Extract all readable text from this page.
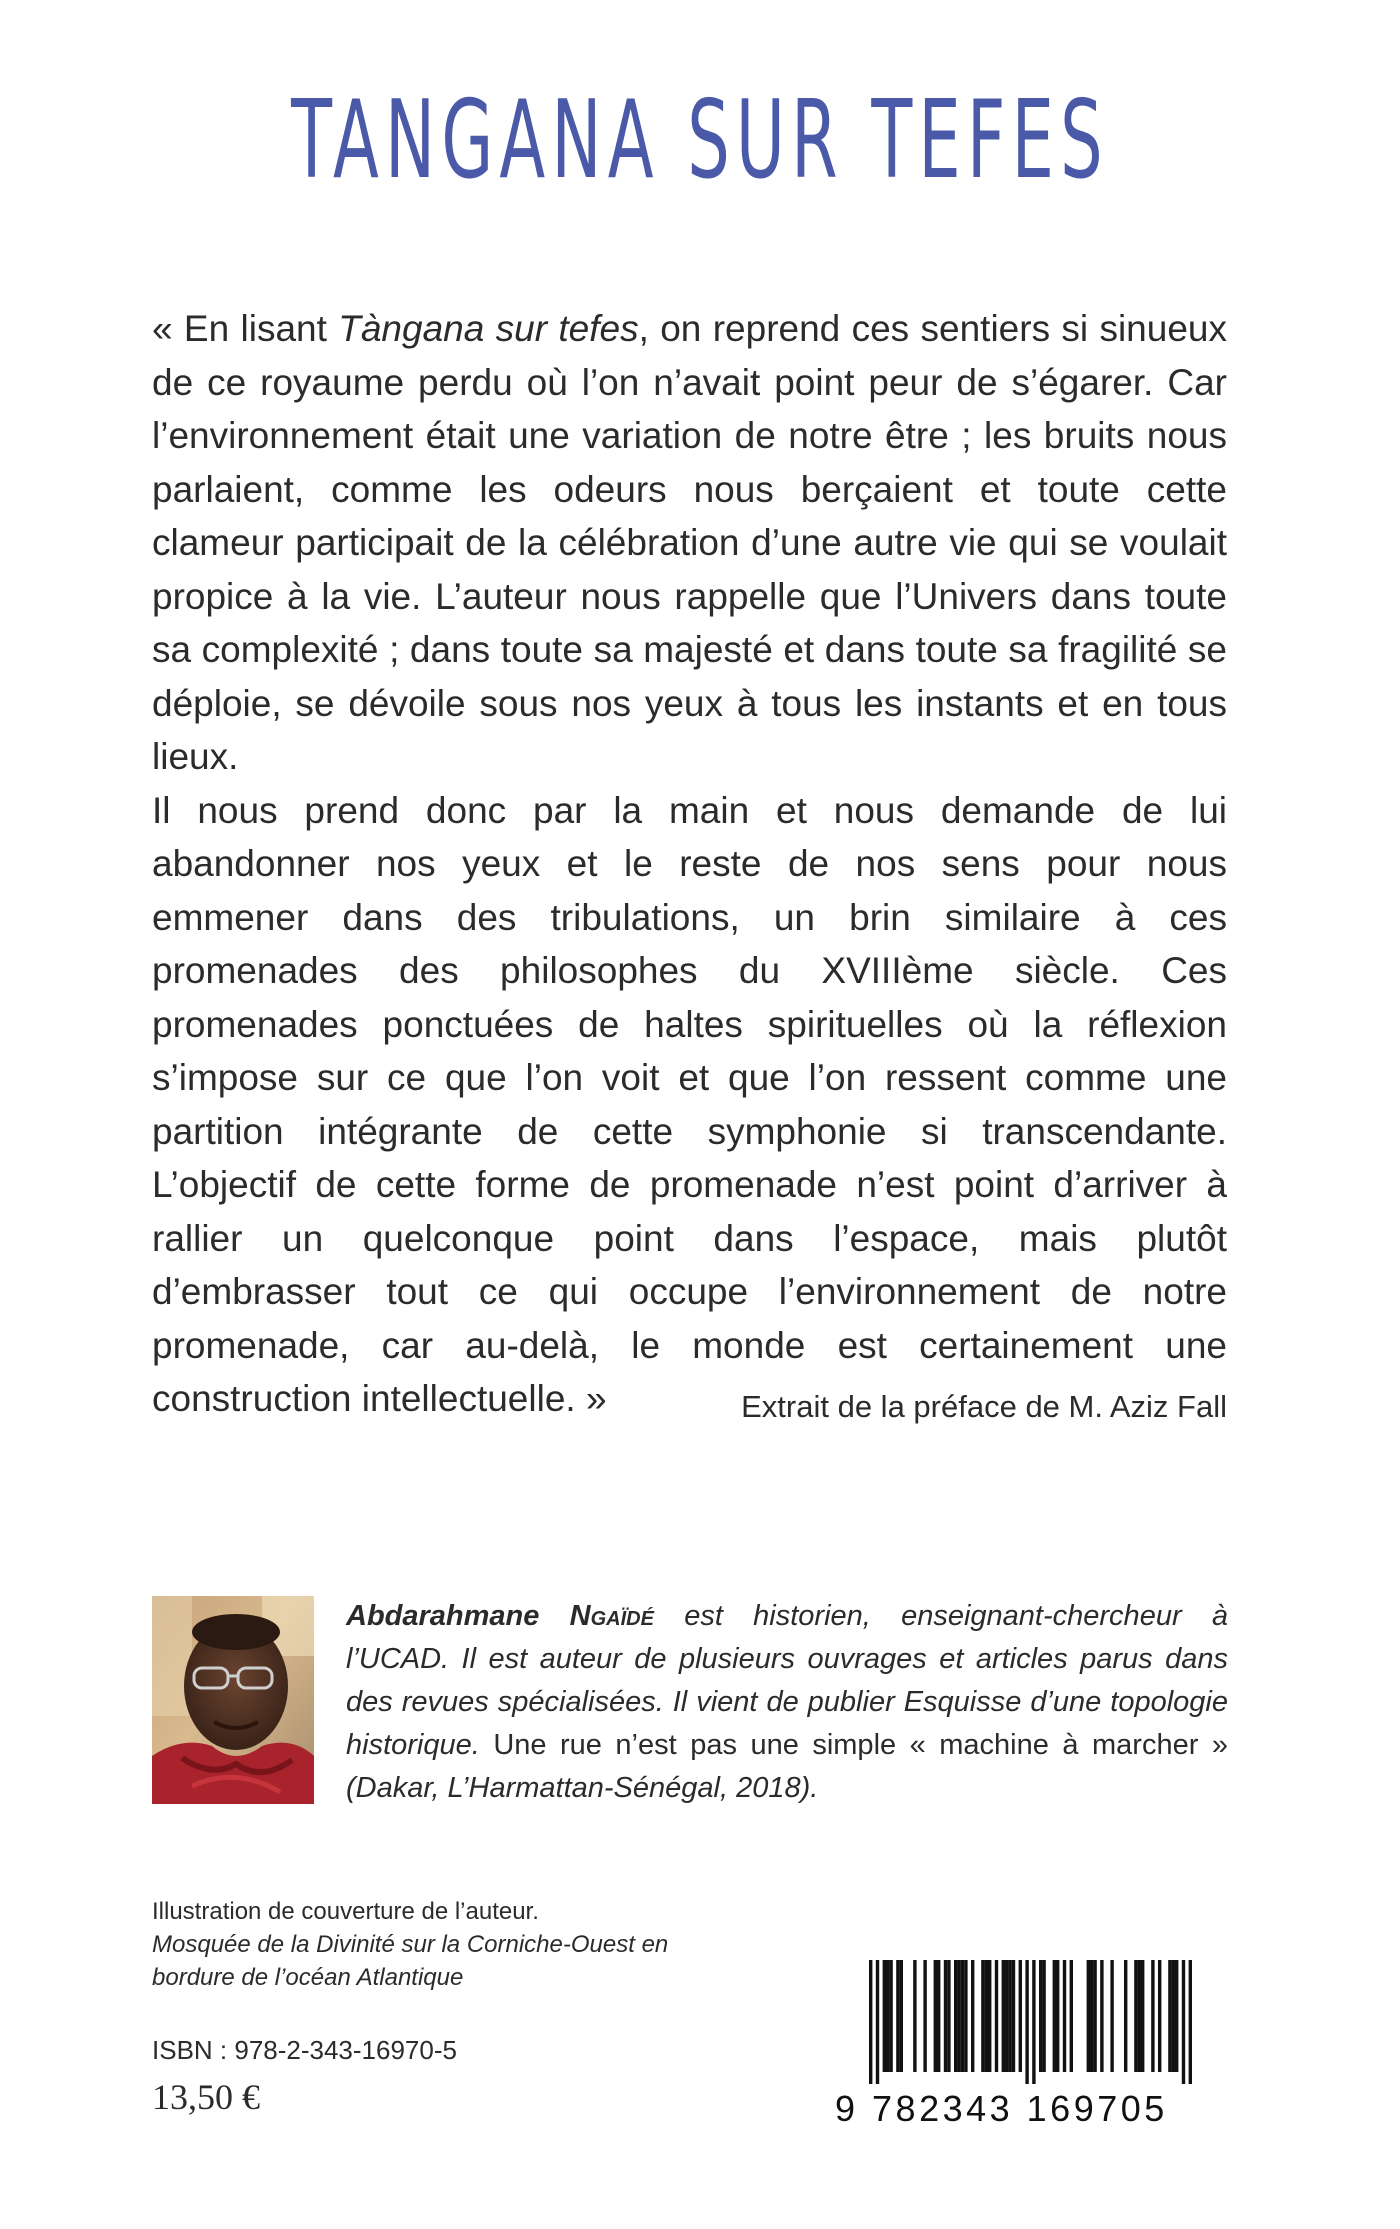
TANGANA SUR TEFES

« En lisant Tàngana sur tefes, on reprend ces sentiers si sinueux de ce royaume perdu où l’on n’avait point peur de s’égarer. Car l’environnement était une variation de notre être ; les bruits nous parlaient, comme les odeurs nous berçaient et toute cette clameur participait de la célébration d’une autre vie qui se voulait propice à la vie. L’auteur nous rappelle que l’Univers dans toute sa complexité ; dans toute sa majesté et dans toute sa fragilité se déploie, se dévoile sous nos yeux à tous les instants et en tous lieux.

Il nous prend donc par la main et nous demande de lui abandonner nos yeux et le reste de nos sens pour nous emmener dans des tribulations, un brin similaire à ces promenades des philosophes du XVIIIème siècle. Ces promenades ponctuées de haltes spirituelles où la réflexion s’impose sur ce que l’on voit et que l’on ressent comme une partition intégrante de cette symphonie si transcendante. L’objectif de cette forme de promenade n’est point d’arriver à rallier un quelconque point dans l’espace, mais plutôt d’embrasser tout ce qui occupe l’environnement de notre promenade, car au-delà, le monde est certainement une construction intellectuelle. »	Extrait de la préface de M. Aziz Fall
Abdarahmane Ngaïdé est historien, enseignant-chercheur à l’UCAD. Il est auteur de plusieurs ouvrages et articles parus dans des revues spécialisées. Il vient de publier Esquisse d’une topologie historique. Une rue n’est pas une simple « machine à marcher » (Dakar, L’Harmattan-Sénégal, 2018).
Illustration de couverture de l’auteur.
Mosquée de la Divinité sur la Corniche-Ouest en bordure de l’océan Atlantique
ISBN : 978-2-343-16970-5
13,50 €	9 782343 169705
